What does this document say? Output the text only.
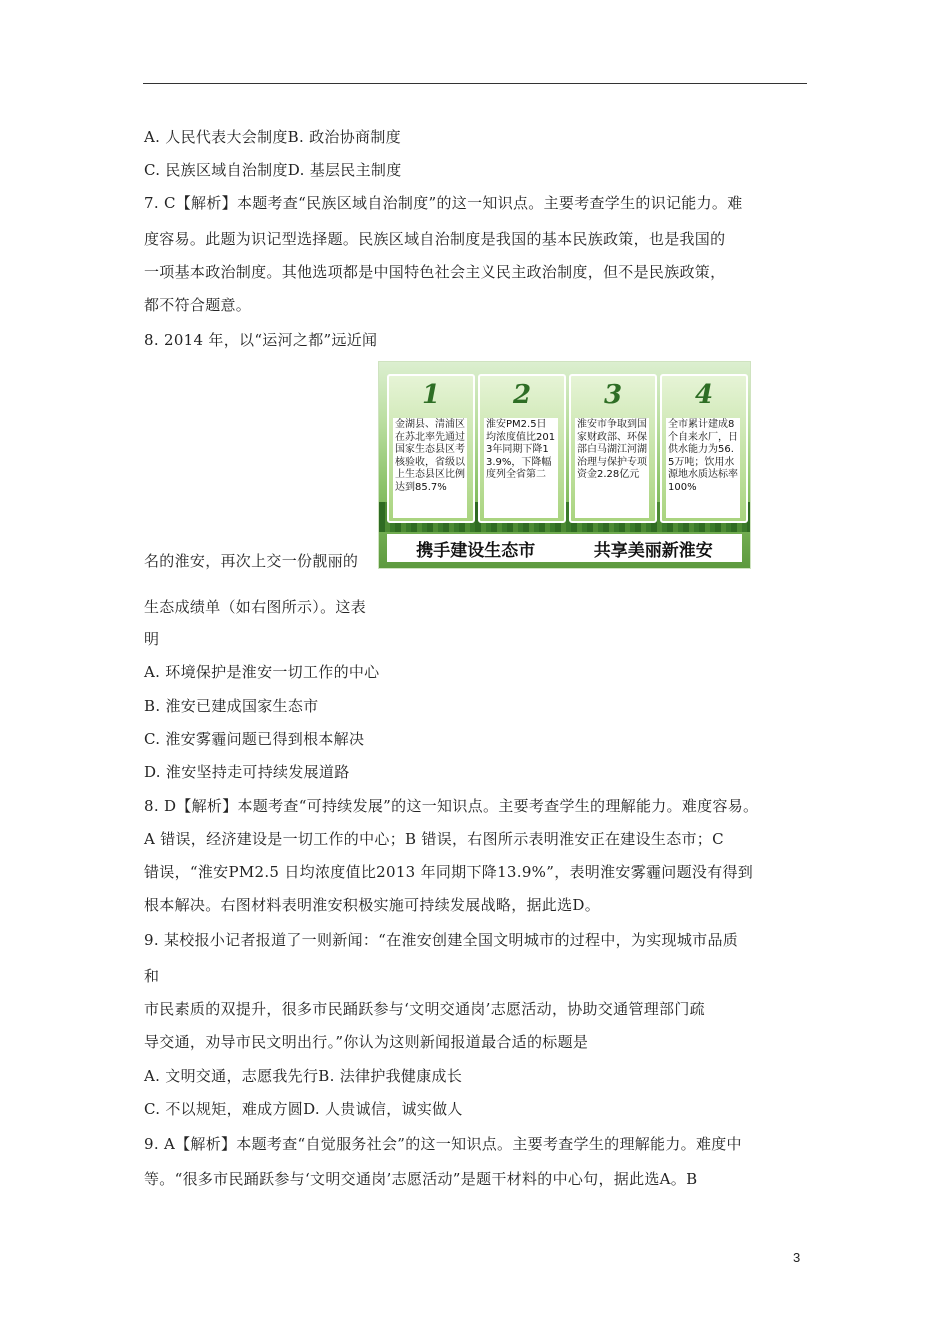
A. 人民代表大会制度B. 政治协商制度
C. 民族区域自治制度D. 基层民主制度
7. C【解析】本题考查“民族区域自治制度”的这一知识点。主要考查学生的识记能力。难
度容易。此题为识记型选择题。民族区域自治制度是我国的基本民族政策，也是我国的
一项基本政治制度。其他选项都是中国特色社会主义民主政治制度，但不是民族政策，
都不符合题意。
8. 2014 年，以“运河之都”远近闻
名的淮安，再次上交一份靓丽的
生态成绩单（如右图所示）。这表
明
A. 环境保护是淮安一切工作的中心
B. 淮安已建成国家生态市
C. 淮安雾霾问题已得到根本解决
D. 淮安坚持走可持续发展道路
8. D【解析】本题考查“可持续发展”的这一知识点。主要考查学生的理解能力。难度容易。
A 错误，经济建设是一切工作的中心；B 错误，右图所示表明淮安正在建设生态市；C
错误，“淮安PM2.5 日均浓度值比2013 年同期下降13.9%”，表明淮安雾霾问题没有得到
根本解决。右图材料表明淮安积极实施可持续发展战略，据此选D。
9. 某校报小记者报道了一则新闻：“在淮安创建全国文明城市的过程中，为实现城市品质
和
市民素质的双提升，很多市民踊跃参与‘文明交通岗’志愿活动，协助交通管理部门疏
导交通，劝导市民文明出行。”你认为这则新闻报道最合适的标题是
A. 文明交通，志愿我先行B. 法律护我健康成长
C. 不以规矩，难成方圆D. 人贵诚信，诚实做人
9. A【解析】本题考查“自觉服务社会”的这一知识点。主要考查学生的理解能力。难度中
等。“很多市民踊跃参与‘文明交通岗’志愿活动”是题干材料的中心句，据此选A。B
1
金湖县、清浦区在苏北率先通过国家生态县区考核验收，省级以上生态县区比例达到85.7%
2
淮安PM2.5日均浓度值比2013年同期下降13.9%，下降幅度列全省第二
3
淮安市争取到国家财政部、环保部白马湖江河湖治理与保护专项资金2.28亿元
4
全市累计建成8个自来水厂，日供水能力为56.5万吨；饮用水源地水质达标率100%
携手建设生态市	共享美丽新淮安
3
